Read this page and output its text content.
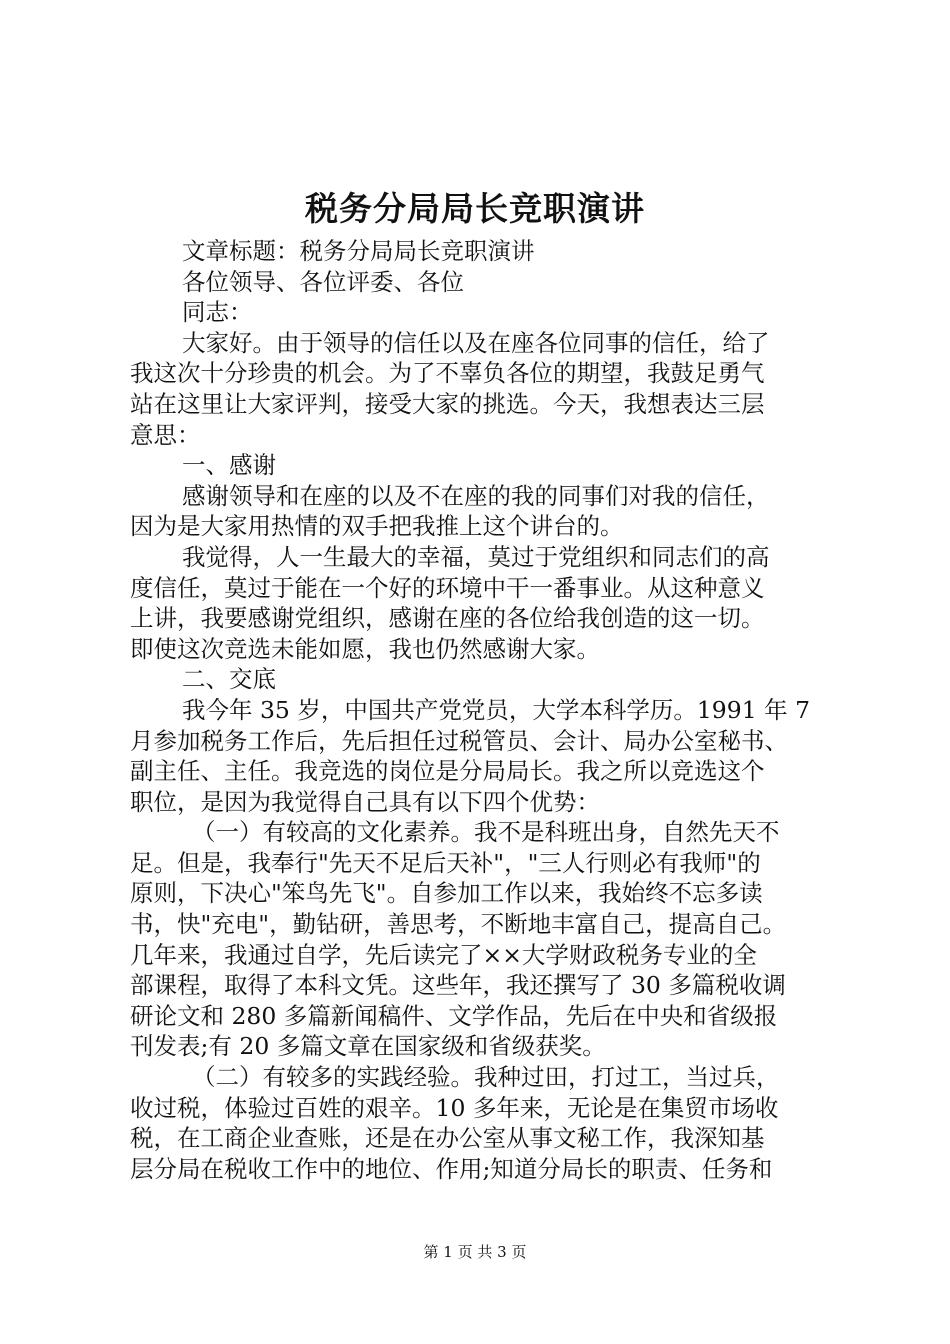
税务分局局长竞职演讲
文章标题：税务分局局长竞职演讲
各位领导、各位评委、各位
同志：
大家好。由于领导的信任以及在座各位同事的信任，给了
我这次十分珍贵的机会。为了不辜负各位的期望，我鼓足勇气
站在这里让大家评判，接受大家的挑选。今天，我想表达三层
意思：
一、感谢
感谢领导和在座的以及不在座的我的同事们对我的信任，
因为是大家用热情的双手把我推上这个讲台的。
我觉得，人一生最大的幸福，莫过于党组织和同志们的高
度信任，莫过于能在一个好的环境中干一番事业。从这种意义
上讲，我要感谢党组织，感谢在座的各位给我创造的这一切。
即使这次竞选未能如愿，我也仍然感谢大家。
二、交底
我今年 35 岁，中国共产党党员，大学本科学历。1991 年 7
月参加税务工作后，先后担任过税管员、会计、局办公室秘书、
副主任、主任。我竞选的岗位是分局局长。我之所以竞选这个
职位，是因为我觉得自己具有以下四个优势：
（一）有较高的文化素养。我不是科班出身，自然先天不
足。但是，我奉行"先天不足后天补"，"三人行则必有我师"的
原则，下决心"笨鸟先飞"。自参加工作以来，我始终不忘多读
书，快"充电"，勤钻研，善思考，不断地丰富自己，提高自己。
几年来，我通过自学，先后读完了××大学财政税务专业的全
部课程，取得了本科文凭。这些年，我还撰写了 30 多篇税收调
研论文和 280 多篇新闻稿件、文学作品，先后在中央和省级报
刊发表;有 20 多篇文章在国家级和省级获奖。
（二）有较多的实践经验。我种过田，打过工，当过兵，
收过税，体验过百姓的艰辛。10 多年来，无论是在集贸市场收
税，在工商企业查账，还是在办公室从事文秘工作，我深知基
层分局在税收工作中的地位、作用;知道分局长的职责、任务和
第 1 页 共 3 页
